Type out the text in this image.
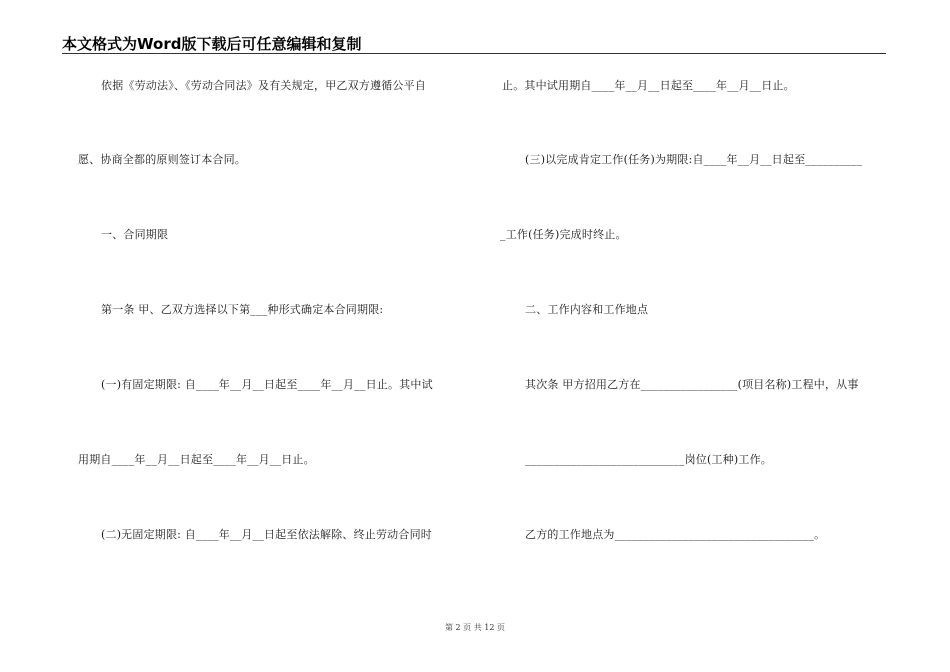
本文格式为Word版下载后可任意编辑和复制
依据《劳动法》、《劳动合同法》及有关规定，甲乙双方遵循公平自
愿、协商全都的原则签订本合同。
一、合同期限
第一条 甲、乙双方选择以下第___种形式确定本合同期限:
(一)有固定期限: 自____年__月__日起至____年__月__日止。其中试
用期自____年__月__日起至____年__月__日止。
(二)无固定期限: 自____年__月__日起至依法解除、终止劳动合同时
止。其中试用期自____年__月__日起至____年__月__日止。
(三)以完成肯定工作(任务)为期限:自____年__月__日起至__________
_工作(任务)完成时终止。
二、工作内容和工作地点
其次条 甲方招用乙方在_________________(项目名称)工程中，从事
____________________________岗位(工种)工作。
乙方的工作地点为___________________________________。
第 2 页 共 12 页
